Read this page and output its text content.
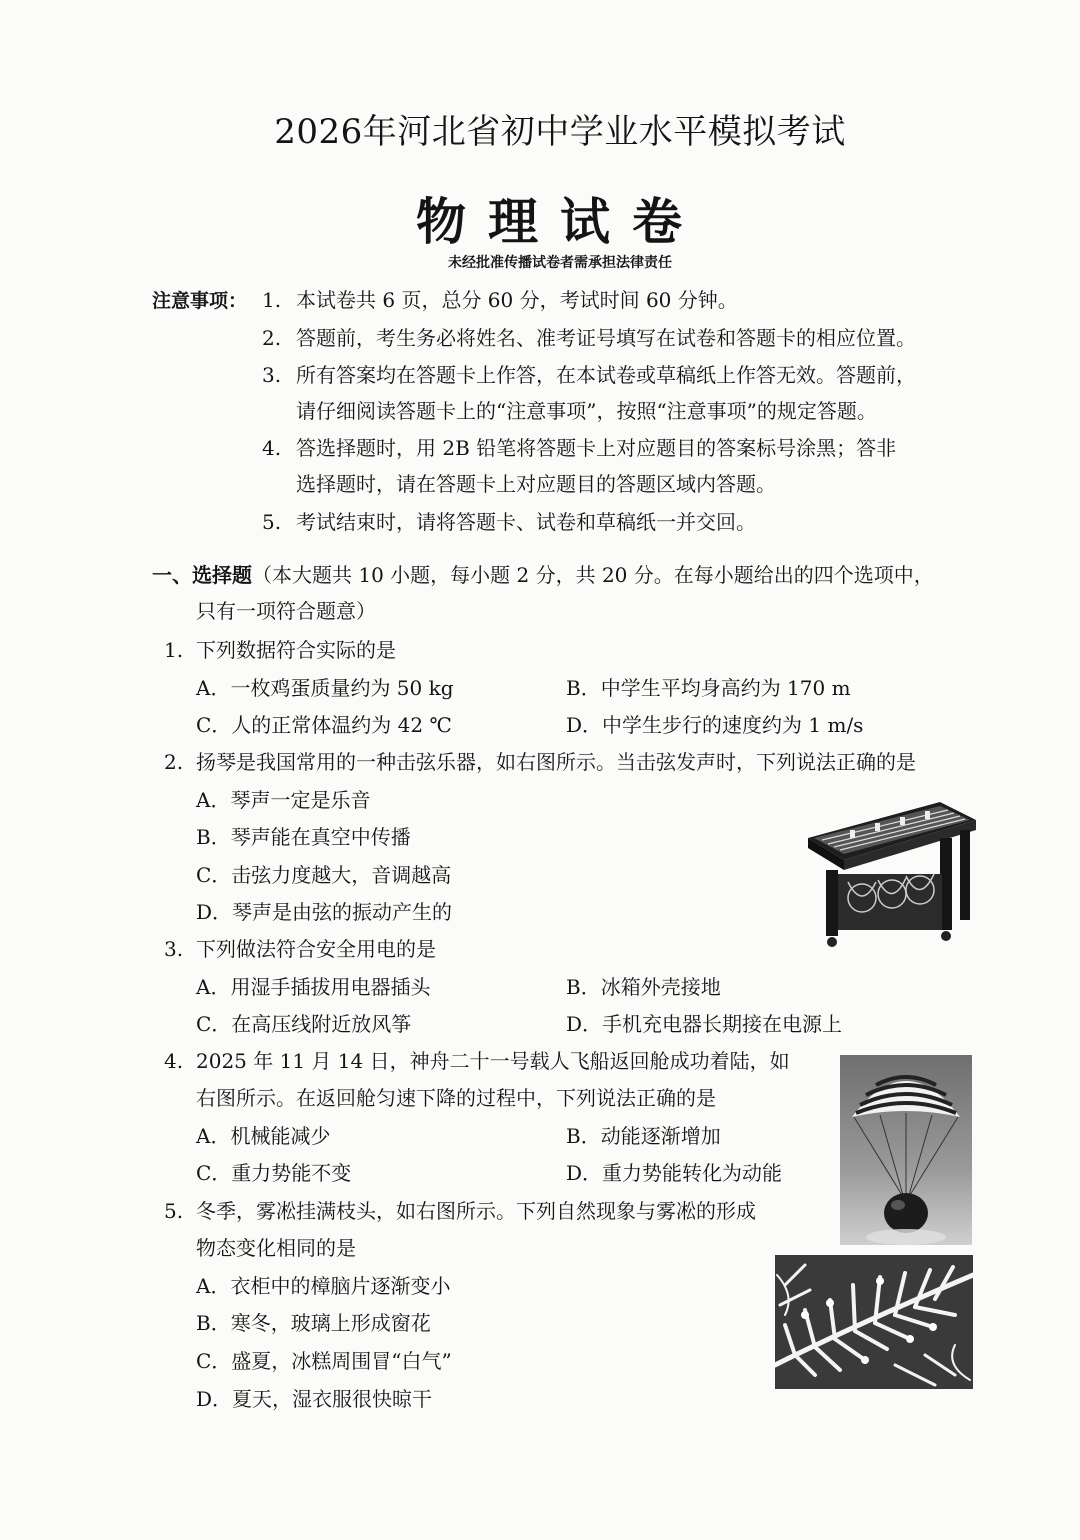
2026年河北省初中学业水平模拟考试
物理试卷
未经批准传播试卷者需承担法律责任
注意事项： 1. 本试卷共 6 页，总分 60 分，考试时间 60 分钟。
2. 答题前，考生务必将姓名、准考证号填写在试卷和答题卡的相应位置。
3. 所有答案均在答题卡上作答，在本试卷或草稿纸上作答无效。答题前，
请仔细阅读答题卡上的“注意事项”，按照“注意事项”的规定答题。
4. 答选择题时，用 2B 铅笔将答题卡上对应题目的答案标号涂黑；答非
选择题时，请在答题卡上对应题目的答题区域内答题。
5. 考试结束时，请将答题卡、试卷和草稿纸一并交回。
一、选择题（本大题共 10 小题，每小题 2 分，共 20 分。在每小题给出的四个选项中，
只有一项符合题意）
1. 下列数据符合实际的是
A．一枚鸡蛋质量约为 50 kg	B．中学生平均身高约为 170 m
C．人的正常体温约为 42 ℃	D．中学生步行的速度约为 1 m/s
2. 扬琴是我国常用的一种击弦乐器，如右图所示。当击弦发声时，下列说法正确的是
A．琴声一定是乐音
B．琴声能在真空中传播
C．击弦力度越大，音调越高
D．琴声是由弦的振动产生的
3. 下列做法符合安全用电的是
A．用湿手插拔用电器插头	B．冰箱外壳接地
C．在高压线附近放风筝	D．手机充电器长期接在电源上
4. 2025 年 11 月 14 日，神舟二十一号载人飞船返回舱成功着陆，如
右图所示。在返回舱匀速下降的过程中，下列说法正确的是
A．机械能减少	B．动能逐渐增加
C．重力势能不变	D．重力势能转化为动能
5. 冬季，雾凇挂满枝头，如右图所示。下列自然现象与雾凇的形成
物态变化相同的是
A．衣柜中的樟脑片逐渐变小
B．寒冬，玻璃上形成窗花
C．盛夏，冰糕周围冒“白气”
D．夏天，湿衣服很快晾干
